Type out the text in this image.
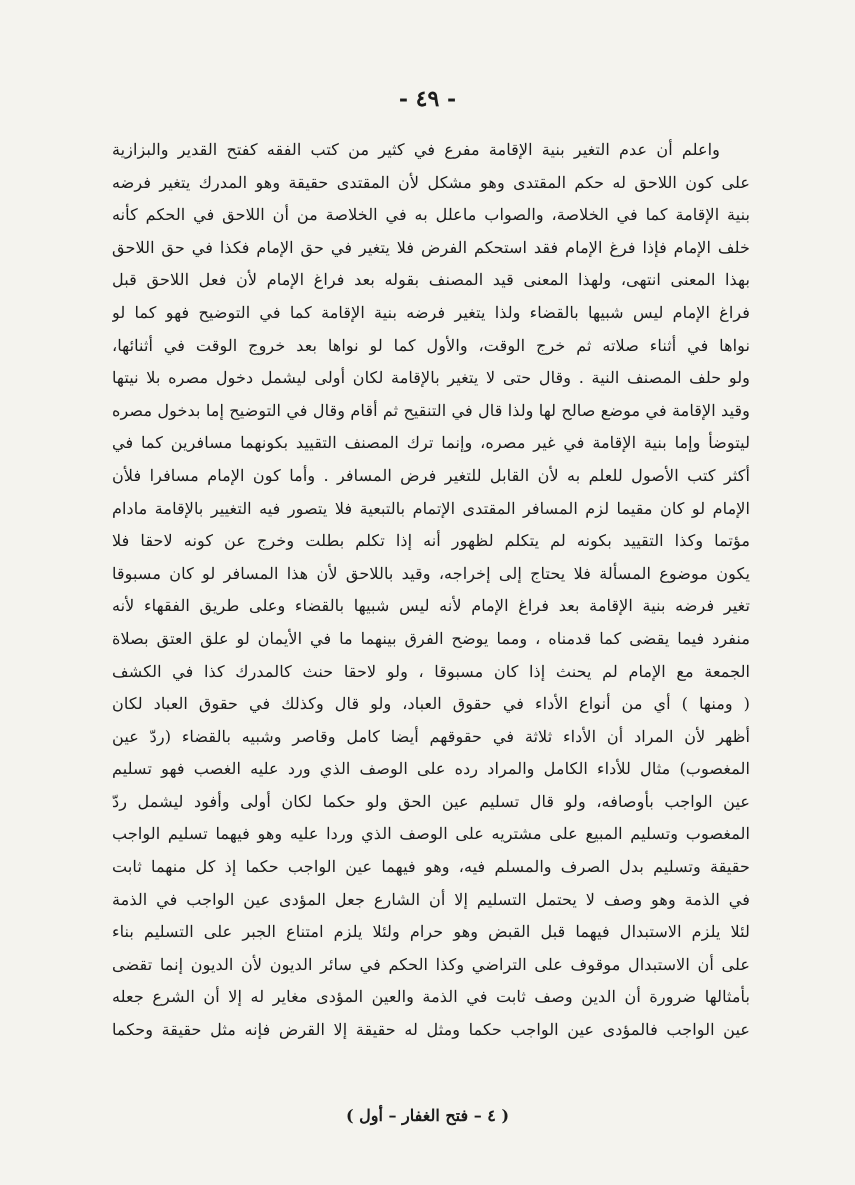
- ٤٩ -
واعلم أن عدم التغير بنية الإقامة مفرع في كثير من كتب الفقه كفتح القدير والبزازية
على كون اللاحق له حكم المقتدى وهو مشكل لأن المقتدى حقيقة وهو المدرك يتغير فرضه
بنية الإقامة كما في الخلاصة، والصواب ماعلل به في الخلاصة من أن اللاحق في الحكم كأنه
خلف الإمام فإذا فرغ الإمام فقد استحكم الفرض فلا يتغير في حق الإمام فكذا في حق اللاحق
بهذا المعنى انتهى، ولهذا المعنى قيد المصنف بقوله بعد فراغ الإمام لأن فعل اللاحق قبل
فراغ الإمام ليس شبيها بالقضاء ولذا يتغير فرضه بنية الإقامة كما في التوضيح فهو كما لو
نواها في أثناء صلاته ثم خرج الوقت، والأول كما لو نواها بعد خروج الوقت في أثنائها،
ولو حلف المصنف النية . وقال حتى لا يتغير بالإقامة لكان أولى ليشمل دخول مصره بلا نيتها
وقيد الإقامة في موضع صالح لها ولذا قال في التنقيح ثم أقام وقال في التوضيح إما بدخول مصره
ليتوضأ وإما بنية الإقامة في غير مصره، وإنما ترك المصنف التقييد بكونهما مسافرين كما في
أكثر كتب الأصول للعلم به لأن القابل للتغير فرض المسافر . وأما كون الإمام مسافرا فلأن
الإمام لو كان مقيما لزم المسافر المقتدى الإتمام بالتبعية فلا يتصور فيه التغيير بالإقامة مادام
مؤتما وكذا التقييد بكونه لم يتكلم لظهور أنه إذا تكلم بطلت وخرج عن كونه لاحقا فلا
يكون موضوع المسألة فلا يحتاج إلى إخراجه، وقيد باللاحق لأن هذا المسافر لو كان مسبوقا
تغير فرضه بنية الإقامة بعد فراغ الإمام لأنه ليس شبيها بالقضاء وعلى طريق الفقهاء لأنه
منفرد فيما يقضى كما قدمناه ، ومما يوضح الفرق بينهما ما في الأيمان لو علق العتق بصلاة
الجمعة مع الإمام لم يحنث إذا كان مسبوقا ، ولو لاحقا حنث كالمدرك كذا في الكشف
( ومنها ) أي من أنواع الأداء في حقوق العباد، ولو قال وكذلك في حقوق العباد لكان
أظهر لأن المراد أن الأداء ثلاثة في حقوقهم أيضا كامل وقاصر وشبيه بالقضاء (ردّ عين
المغصوب) مثال للأداء الكامل والمراد رده على الوصف الذي ورد عليه الغصب فهو تسليم
عين الواجب بأوصافه، ولو قال تسليم عين الحق ولو حكما لكان أولى وأفود ليشمل ردّ
المغصوب وتسليم المبيع على مشتريه على الوصف الذي وردا عليه وهو فيهما تسليم الواجب
حقيقة وتسليم بدل الصرف والمسلم فيه، وهو فيهما عين الواجب حكما إذ كل منهما ثابت
في الذمة وهو وصف لا يحتمل التسليم إلا أن الشارع جعل المؤدى عين الواجب في الذمة
لئلا يلزم الاستبدال فيهما قبل القبض وهو حرام ولئلا يلزم امتناع الجبر على التسليم بناء
على أن الاستبدال موقوف على التراضي وكذا الحكم في سائر الديون لأن الديون إنما تقضى
بأمثالها ضرورة أن الدين وصف ثابت في الذمة والعين المؤدى مغاير له إلا أن الشرع جعله
عين الواجب فالمؤدى عين الواجب حكما ومثل له حقيقة إلا القرض فإنه مثل حقيقة وحكما
( ٤ – فتح الغفار – أول )
